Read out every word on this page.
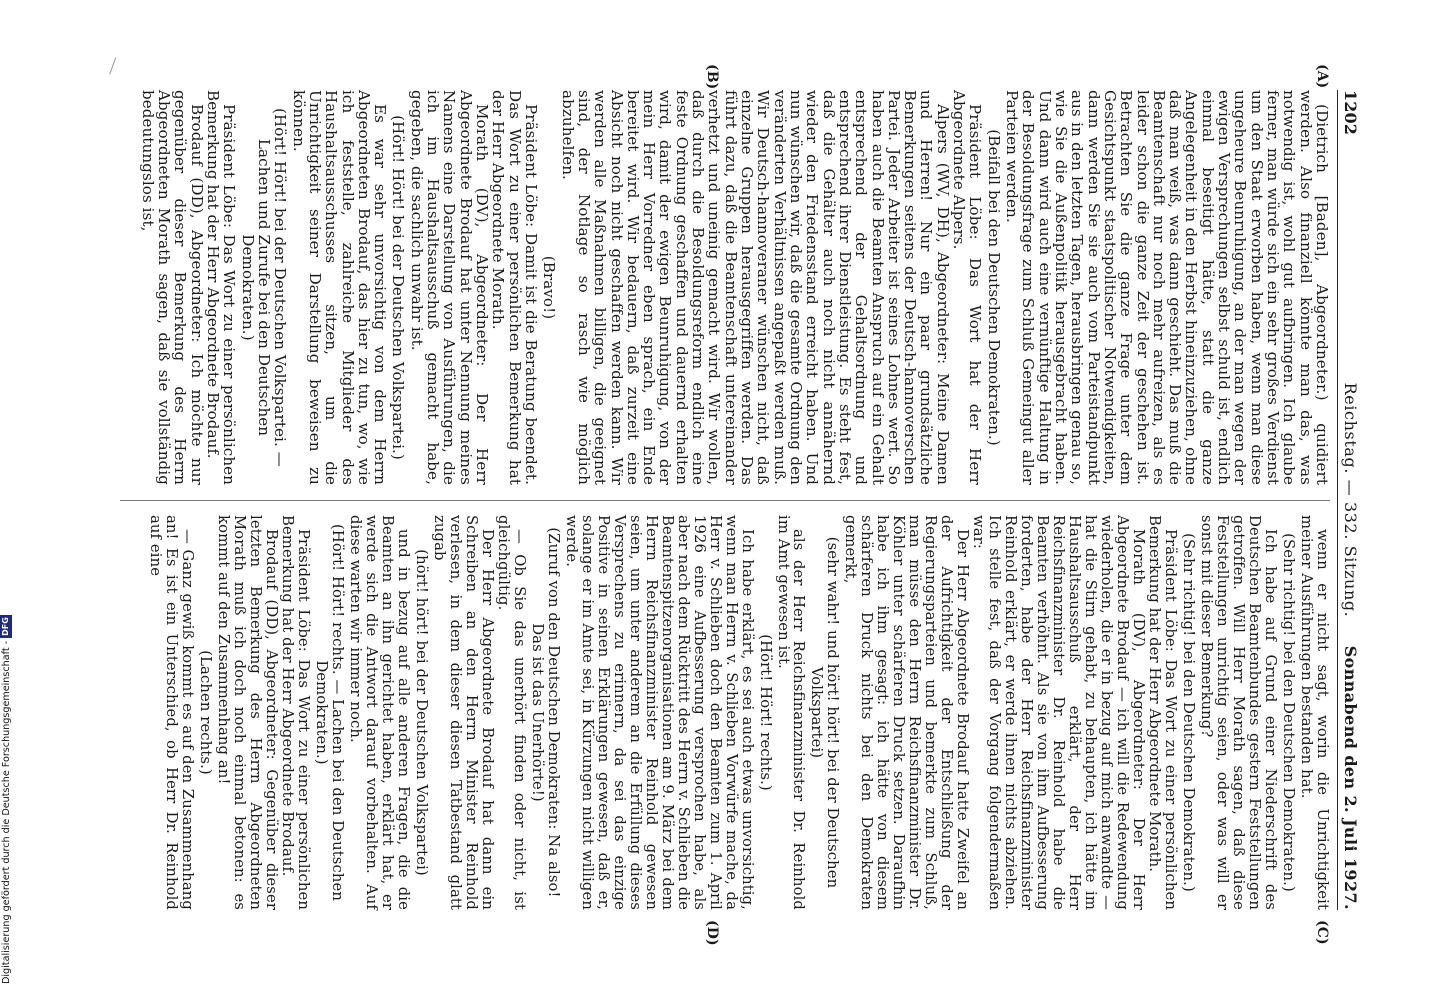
1202
Reichstag. — 332. Sitzung.
Sonnabend den 2. Juli 1927.
(A)
(B)
(C)
(D)

(Dietrich [Baden], Abgeordneter.) quidiert werden. Also finanziell könnte man das, was notwendig ist, wohl gut aufbringen. Ich glaube ferner, man würde sich ein sehr großes Verdienst um den Staat erworben haben, wenn man diese ungeheure Beunruhigung, an der man wegen der ewigen Versprechungen selbst schuld ist, endlich einmal beseitigt hätte, statt die ganze Angelegenheit in den Herbst hineinzuziehen, ohne daß man weiß, was dann geschieht. Das muß die Beamtenschaft nur noch mehr aufreizen, als es leider schon die ganze Zeit der geschehen ist. Betrachten Sie die ganze Frage unter dem Gesichtspunkt staatspolitischer Notwendigkeiten, dann werden Sie sie auch vom Parteistandpunkt aus in den letzten Tagen, herausbringen genau so, wie Sie die Außenpolitik herausgebracht haben. Und dann wird auch eine vernünftige Haltung in der Besoldungsfrage zum Schluß Gemeingut aller Parteien werden.

(Beifall bei den Deutschen Demokraten.)

Präsident Löbe: Das Wort hat der Herr Abgeordnete Alpers.

Alpers (WV, DH), Abgeordneter: Meine Damen und Herren! Nur ein paar grundsätzliche Bemerkungen seitens der Deutsch-hannoverschen Partei. Jeder Arbeiter ist seines Lohnes wert. So haben auch die Beamten Anspruch auf ein Gehalt entsprechend der Gehaltsordnung und entsprechend ihrer Dienstleistung. Es steht fest, daß die Gehälter auch noch nicht annähernd wieder den Friedensstand erreicht haben. Und nun wünschen wir, daß die gesamte Ordnung den veränderten Verhältnissen angepaßt werden muß. Wir Deutsch-hannoveraner wünschen nicht, daß einzelne Gruppen herausgegriffen werden. Das führt dazu, daß die Beamtenschaft untereinander verhetzt und uneinig gemacht wird. Wir wollen, daß durch die Besoldungsreform endlich eine feste Ordnung geschaffen und dauernd erhalten wird, damit der ewigen Beunruhigung, von der mein Herr Vorredner eben sprach, ein Ende bereitet wird. Wir bedauern, daß zurzeit eine Absicht noch nicht geschaffen werden kann. Wir werden alle Maßnahmen billigen, die geeignet sind, der Notlage so rasch wie möglich abzuhelfen.

(Bravo!)

Präsident Löbe: Damit ist die Beratung beendet. Das Wort zu einer persönlichen Bemerkung hat der Herr Abgeordnete Morath.

Morath (DV), Abgeordneter: Der Herr Abgeordnete Brodauf hat unter Nennung meines Namens eine Darstellung von Ausführungen, die ich im Haushaltsausschuß gemacht habe, gegeben, die sachlich unwahr ist.

(Hört! Hört! bei der Deutschen Volkspartei.)

Es war sehr unvorsichtig von dem Herrn Abgeordneten Brodauf, das hier zu tun, wo, wie ich feststelle, zahlreiche Mitglieder des Haushaltsausschusses sitzen, um die Unrichtigkeit seiner Darstellung beweisen zu können.

(Hört! Hört! bei der Deutschen Volkspartei. — Lachen und Zurufe bei den Deutschen Demokraten.)

Präsident Löbe: Das Wort zu einer persönlichen Bemerkung hat der Herr Abgeordnete Brodauf.

Brodauf (DD), Abgeordneter: Ich möchte nur gegenüber dieser Bemerkung des Herrn Abgeordneten Morath sagen, daß sie vollständig bedeutungslos ist,

wenn er nicht sagt, worin die Unrichtigkeit meiner Ausführungen bestanden hat.

(Sehr richtig! bei den Deutschen Demokraten.)

Ich habe auf Grund einer Niederschrift des Deutschen Beamtenbundes gestern Feststellungen getroffen. Will Herr Morath sagen, daß diese Feststellungen unrichtig seien, oder was will er sonst mit dieser Bemerkung?

(Sehr richtig! bei den Deutschen Demokraten.)

Präsident Löbe: Das Wort zu einer persönlichen Bemerkung hat der Herr Abgeordnete Morath.

Morath (DV), Abgeordneter: Der Herr Abgeordnete Brodauf — ich will die Redewendung wiederholen, die er in bezug auf mich anwandte — hat die Stirn gehabt, zu behaupten, ich hätte im Haushaltsausschuß erklärt, der Herr Reichsfinanzminister Dr. Reinhold habe die Beamten verhöhnt. Als sie von ihm Aufbesserung forderten, habe der Herr Reichsfinanzminister Reinhold erklärt, er werde ihnen nichts abziehen. Ich stelle fest, daß der Vorgang folgendermaßen war:

Der Herr Abgeordnete Brodauf hatte Zweifel an der Aufrichtigkeit der Entschließung der Regierungsparteien und bemerkte zum Schluß, man müsse den Herrn Reichsfinanzminister Dr. Köhler unter schärferen Druck setzen. Daraufhin habe ich ihm gesagt: ich hätte von diesem schärferen Druck nichts bei den Demokraten gemerkt,

(sehr wahr! und hört! hört! bei der Deutschen Volkspartei)

als der Herr Reichsfinanzminister Dr. Reinhold im Amt gewesen ist.

(Hört! Hört! rechts.)

Ich habe erklärt, es sei auch etwas unvorsichtig, wenn man Herrn v. Schlieben Vorwürfe mache, da Herr v. Schlieben doch den Beamten zum 1. April 1926 eine Aufbesserung versprochen habe, als aber nach dem Rücktritt des Herrn v. Schlieben die Beamtenspitzenorganisationen am 9. März bei dem Herrn Reichsfinanzminister Reinhold gewesen seien, um unter anderem an die Erfüllung dieses Versprechens zu erinnern, da sei das einzige Positive in seinen Erklärungen gewesen, daß er, solange er im Amte sei, in Kürzungen nicht willigen werde.

(Zuruf von den Deutschen Demokraten: Na also! Das ist das Unerhörte!)

— Ob Sie das unerhört finden oder nicht, ist gleichgültig.

Der Herr Abgeordnete Brodauf hat dann ein Schreiben an den Herrn Minister Reinhold verlesen, in dem dieser diesen Tatbestand glatt zugab

(hört! hört! bei der Deutschen Volkspartei)

und in bezug auf alle anderen Fragen, die die Beamten an ihn gerichtet haben, erklärt hat, er werde sich die Antwort darauf vorbehalten. Auf diese warten wir immer noch.

(Hört! Hört! rechts. — Lachen bei den Deutschen Demokraten.)

Präsident Löbe: Das Wort zu einer persönlichen Bemerkung hat der Herr Abgeordnete Brodauf.

Brodauf (DD), Abgeordneter: Gegenüber dieser letzten Bemerkung des Herrn Abgeordneten Morath muß ich doch noch einmal betonen: es kommt auf den Zusammenhang an!

(Lachen rechts.)

— Ganz gewiß kommt es auf den Zusammenhang an! Es ist ein Unterschied, ob Herr Dr. Reinhold auf eine

Digitalisierung gefördert durch die Deutsche Forschungsgemeinschaft -DFG
